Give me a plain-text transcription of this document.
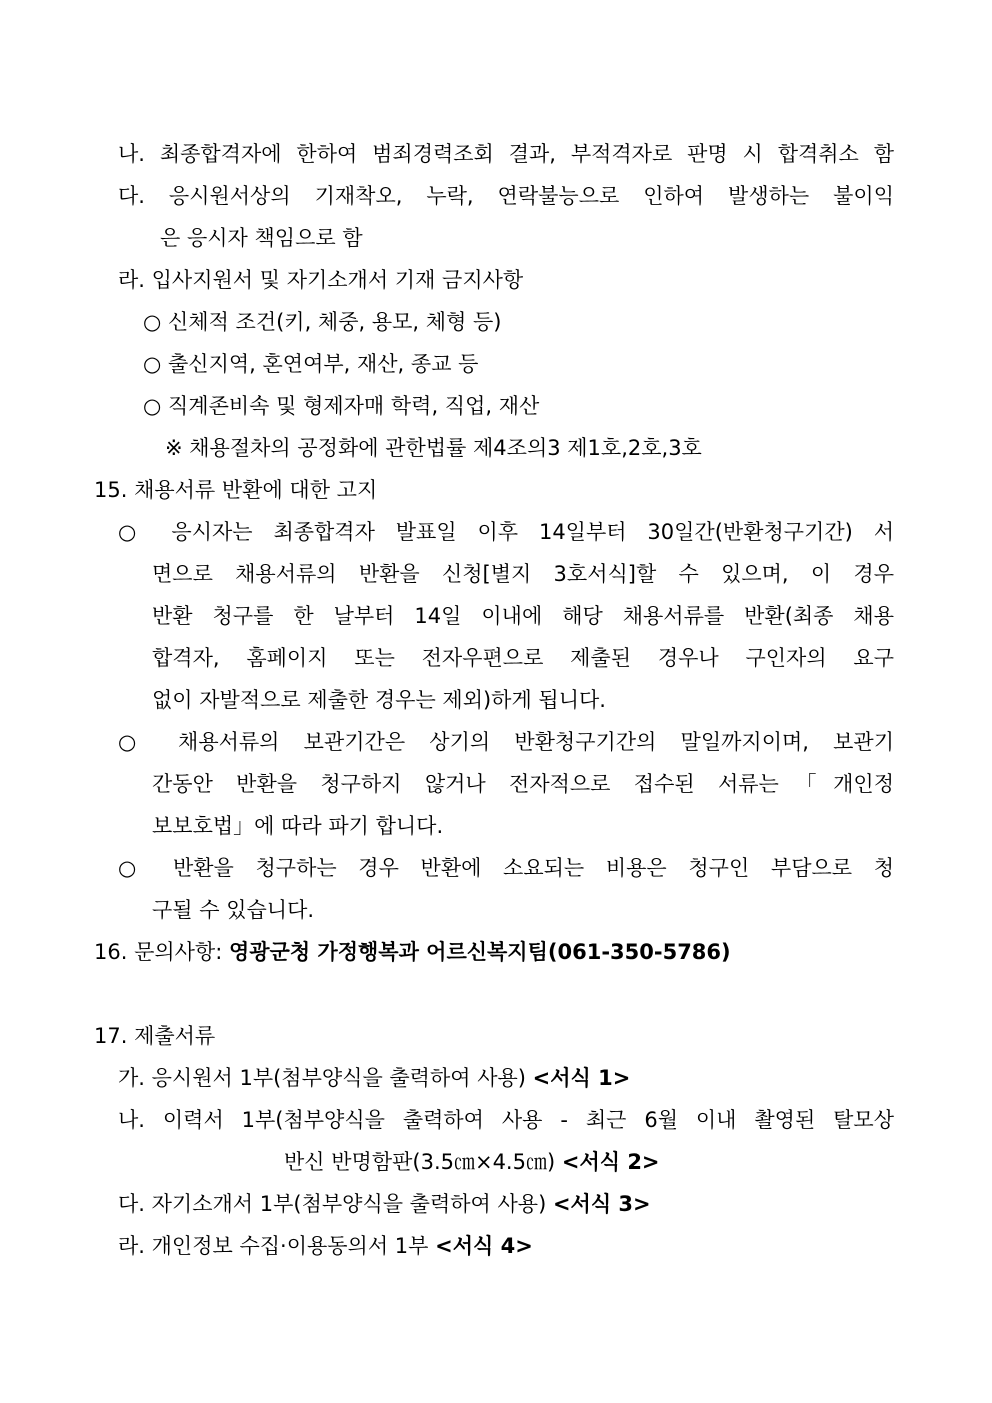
나. 최종합격자에 한하여 범죄경력조회 결과, 부적격자로 판명 시 합격취소 함

다. 응시원서상의 기재착오, 누락, 연락불능으로 인하여 발생하는 불이익

은 응시자 책임으로 함

라. 입사지원서 및 자기소개서 기재 금지사항

○ 신체적 조건(키, 체중, 용모, 체형 등)

○ 출신지역, 혼연여부, 재산, 종교 등

○ 직계존비속 및 형제자매 학력, 직업, 재산

※ 채용절차의 공정화에 관한법률 제4조의3 제1호,2호,3호

15. 채용서류 반환에 대한 고지

○ 응시자는 최종합격자 발표일 이후 14일부터 30일간(반환청구기간) 서

면으로 채용서류의 반환을 신청[별지 3호서식]할 수 있으며, 이 경우

반환 청구를 한 날부터 14일 이내에 해당 채용서류를 반환(최종 채용

합격자, 홈페이지 또는 전자우편으로 제출된 경우나 구인자의 요구

없이 자발적으로 제출한 경우는 제외)하게 됩니다.

○ 채용서류의 보관기간은 상기의 반환청구기간의 말일까지이며, 보관기

간동안 반환을 청구하지 않거나 전자적으로 접수된 서류는「개인정

보보호법」에 따라 파기 합니다.

○ 반환을 청구하는 경우 반환에 소요되는 비용은 청구인 부담으로 청

구될 수 있습니다.

16. 문의사항: 영광군청 가정행복과 어르신복지팀(061-350-5786)

17. 제출서류

가. 응시원서 1부(첨부양식을 출력하여 사용) <서식 1>

나. 이력서 1부(첨부양식을 출력하여 사용 - 최근 6월 이내 촬영된 탈모상

반신 반명함판(3.5㎝×4.5㎝) <서식 2>

다. 자기소개서 1부(첨부양식을 출력하여 사용) <서식 3>

라. 개인정보 수집·이용동의서 1부 <서식 4>
